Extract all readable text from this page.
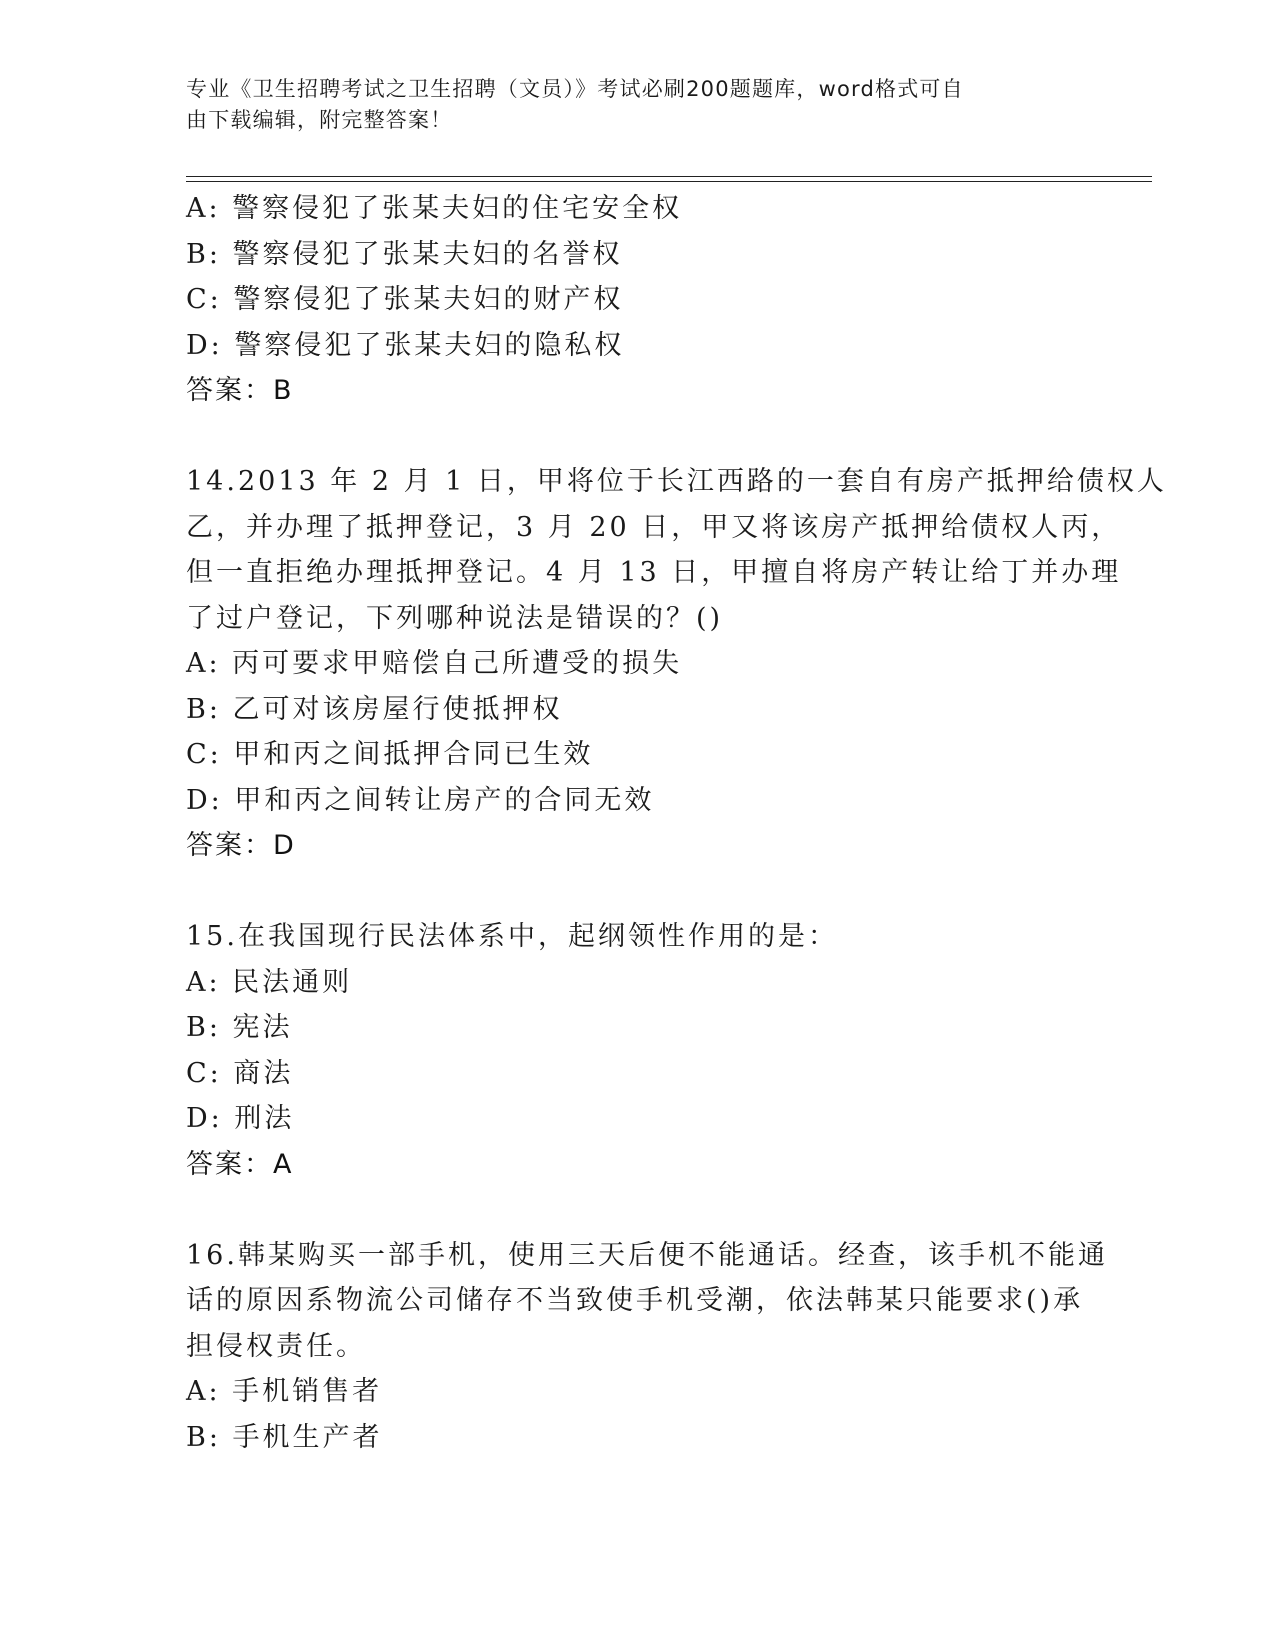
专业《卫生招聘考试之卫生招聘（文员）》考试必刷200题题库，word格式可自
由下载编辑，附完整答案！
A: 警察侵犯了张某夫妇的住宅安全权
B: 警察侵犯了张某夫妇的名誉权
C: 警察侵犯了张某夫妇的财产权
D: 警察侵犯了张某夫妇的隐私权
答案：B
14.2013 年 2 月 1 日，甲将位于长江西路的一套自有房产抵押给债权人
乙，并办理了抵押登记，3 月 20 日，甲又将该房产抵押给债权人丙，
但一直拒绝办理抵押登记。4 月 13 日，甲擅自将房产转让给丁并办理
了过户登记，下列哪种说法是错误的？()
A: 丙可要求甲赔偿自己所遭受的损失
B: 乙可对该房屋行使抵押权
C: 甲和丙之间抵押合同已生效
D: 甲和丙之间转让房产的合同无效
答案：D
15.在我国现行民法体系中，起纲领性作用的是：
A: 民法通则
B: 宪法
C: 商法
D: 刑法
答案：A
16.韩某购买一部手机，使用三天后便不能通话。经查，该手机不能通
话的原因系物流公司储存不当致使手机受潮，依法韩某只能要求()承
担侵权责任。
A: 手机销售者
B: 手机生产者
